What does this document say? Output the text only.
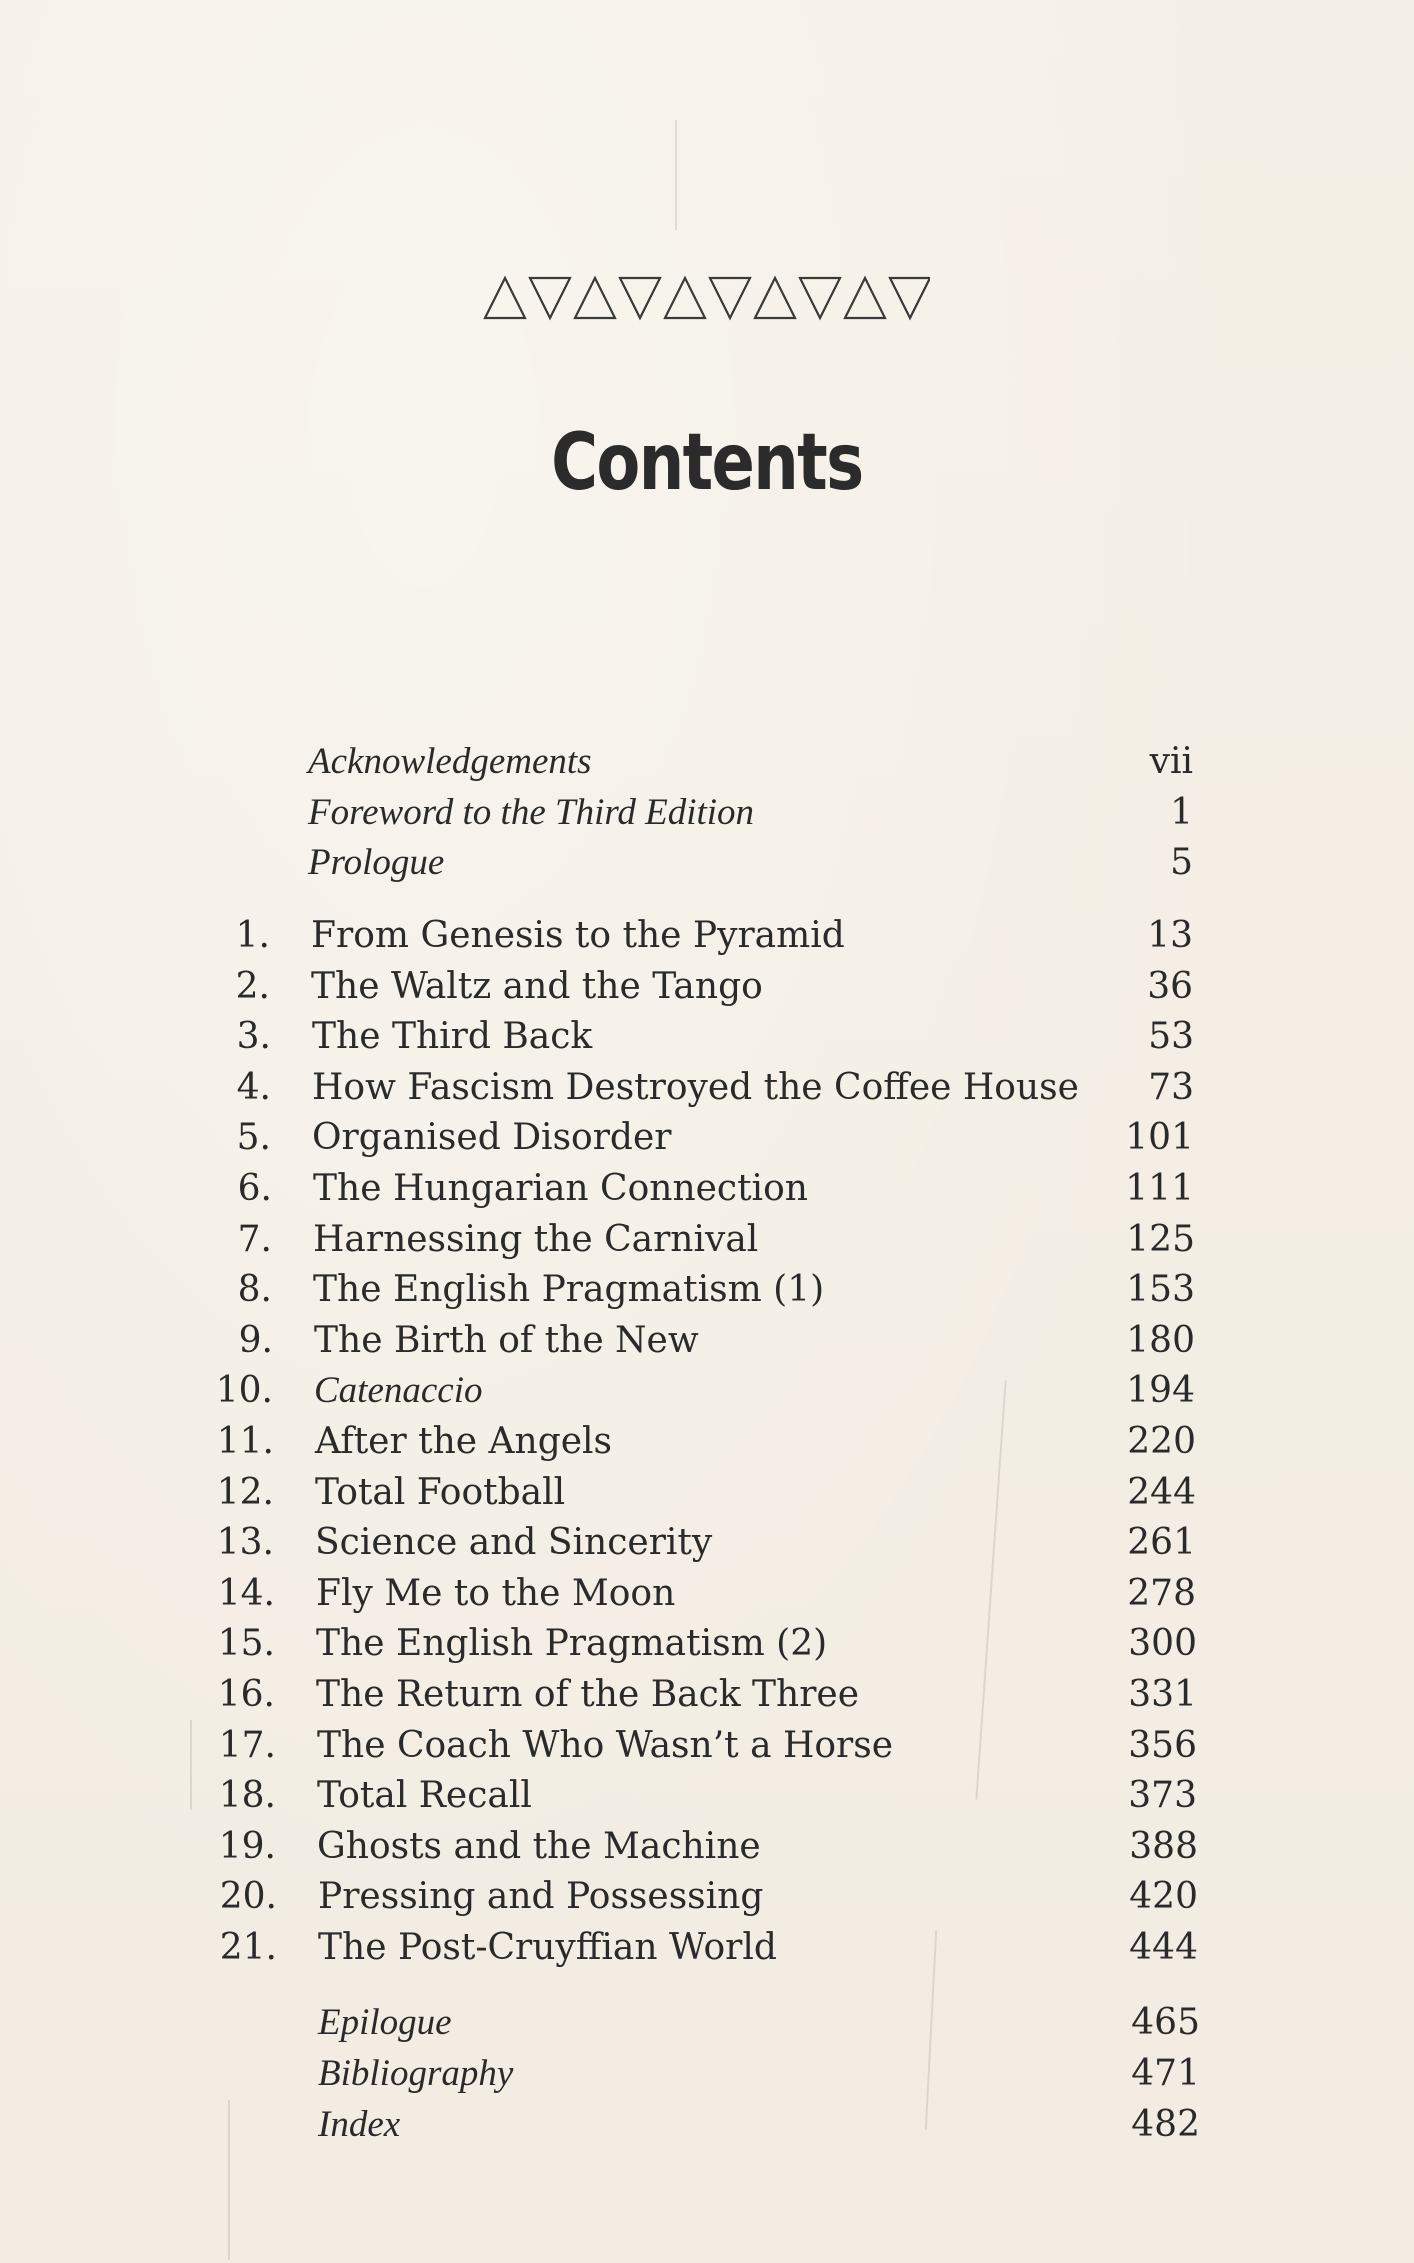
Contents
Acknowledgements	vii
Foreword to the Third Edition	1
Prologue	5
1. From Genesis to the Pyramid	13
2. The Waltz and the Tango	36
3. The Third Back	53
4. How Fascism Destroyed the Coffee House	73
5. Organised Disorder	101
6. The Hungarian Connection	111
7. Harnessing the Carnival	125
8. The English Pragmatism (1)	153
9. The Birth of the New	180
10. Catenaccio	194
11. After the Angels	220
12. Total Football	244
13. Science and Sincerity	261
14. Fly Me to the Moon	278
15. The English Pragmatism (2)	300
16. The Return of the Back Three	331
17. The Coach Who Wasn’t a Horse	356
18. Total Recall	373
19. Ghosts and the Machine	388
20. Pressing and Possessing	420
21. The Post-Cruyffian World	444
Epilogue	465
Bibliography	471
Index	482
